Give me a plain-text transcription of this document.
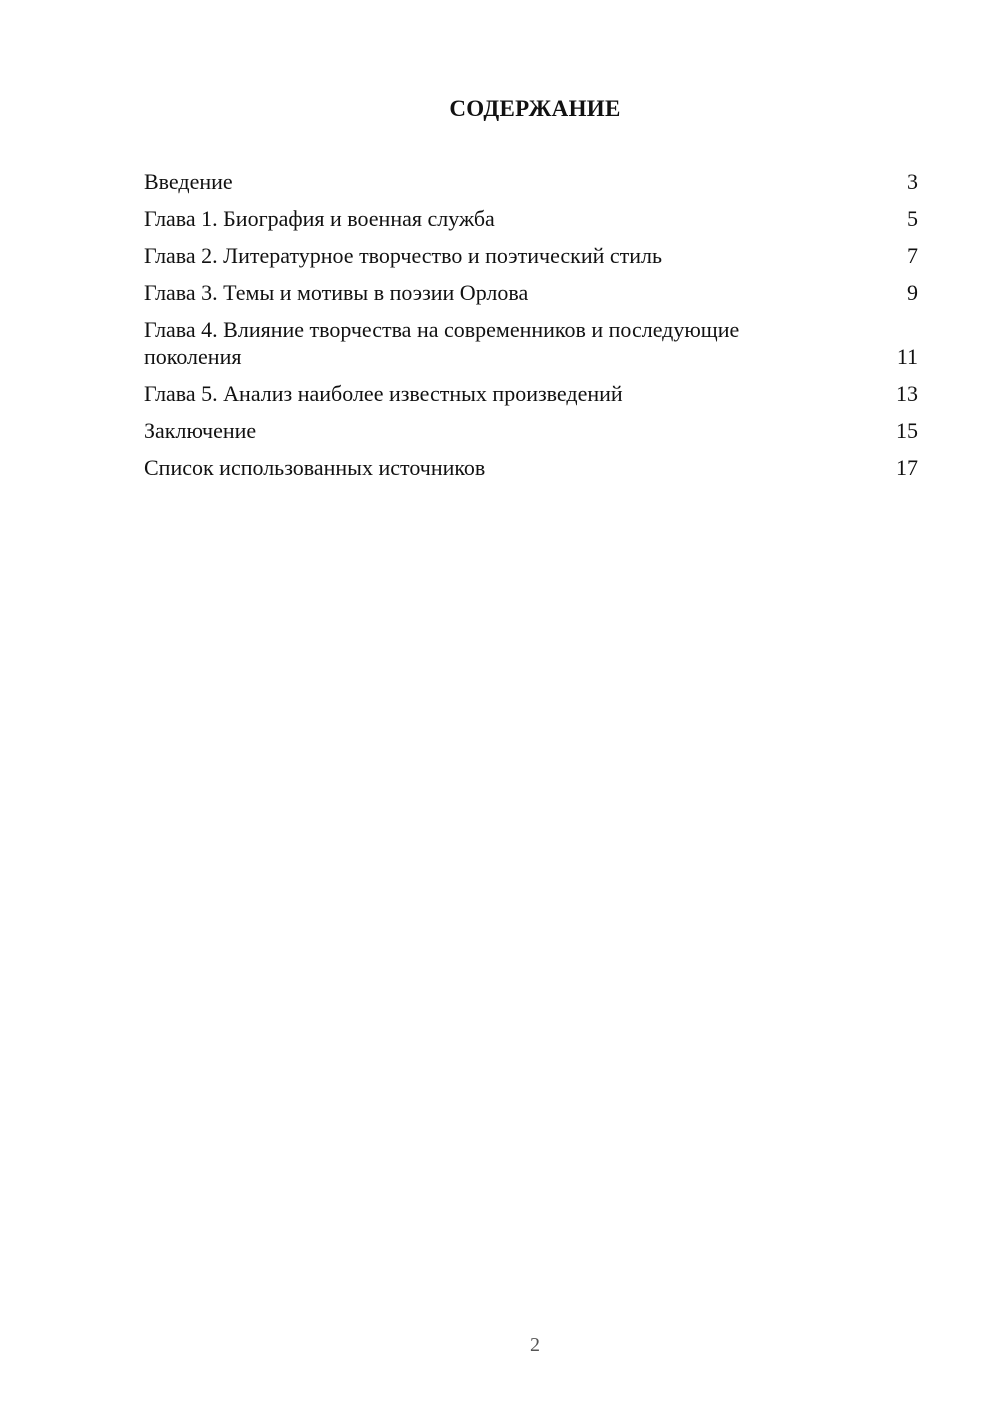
СОДЕРЖАНИЕ
Введение	3
Глава 1. Биография и военная служба	5
Глава 2. Литературное творчество и поэтический стиль	7
Глава 3. Темы и мотивы в поэзии Орлова	9
Глава 4. Влияние творчества на современников и последующие поколения	11
Глава 5. Анализ наиболее известных произведений	13
Заключение	15
Список использованных источников	17
2
